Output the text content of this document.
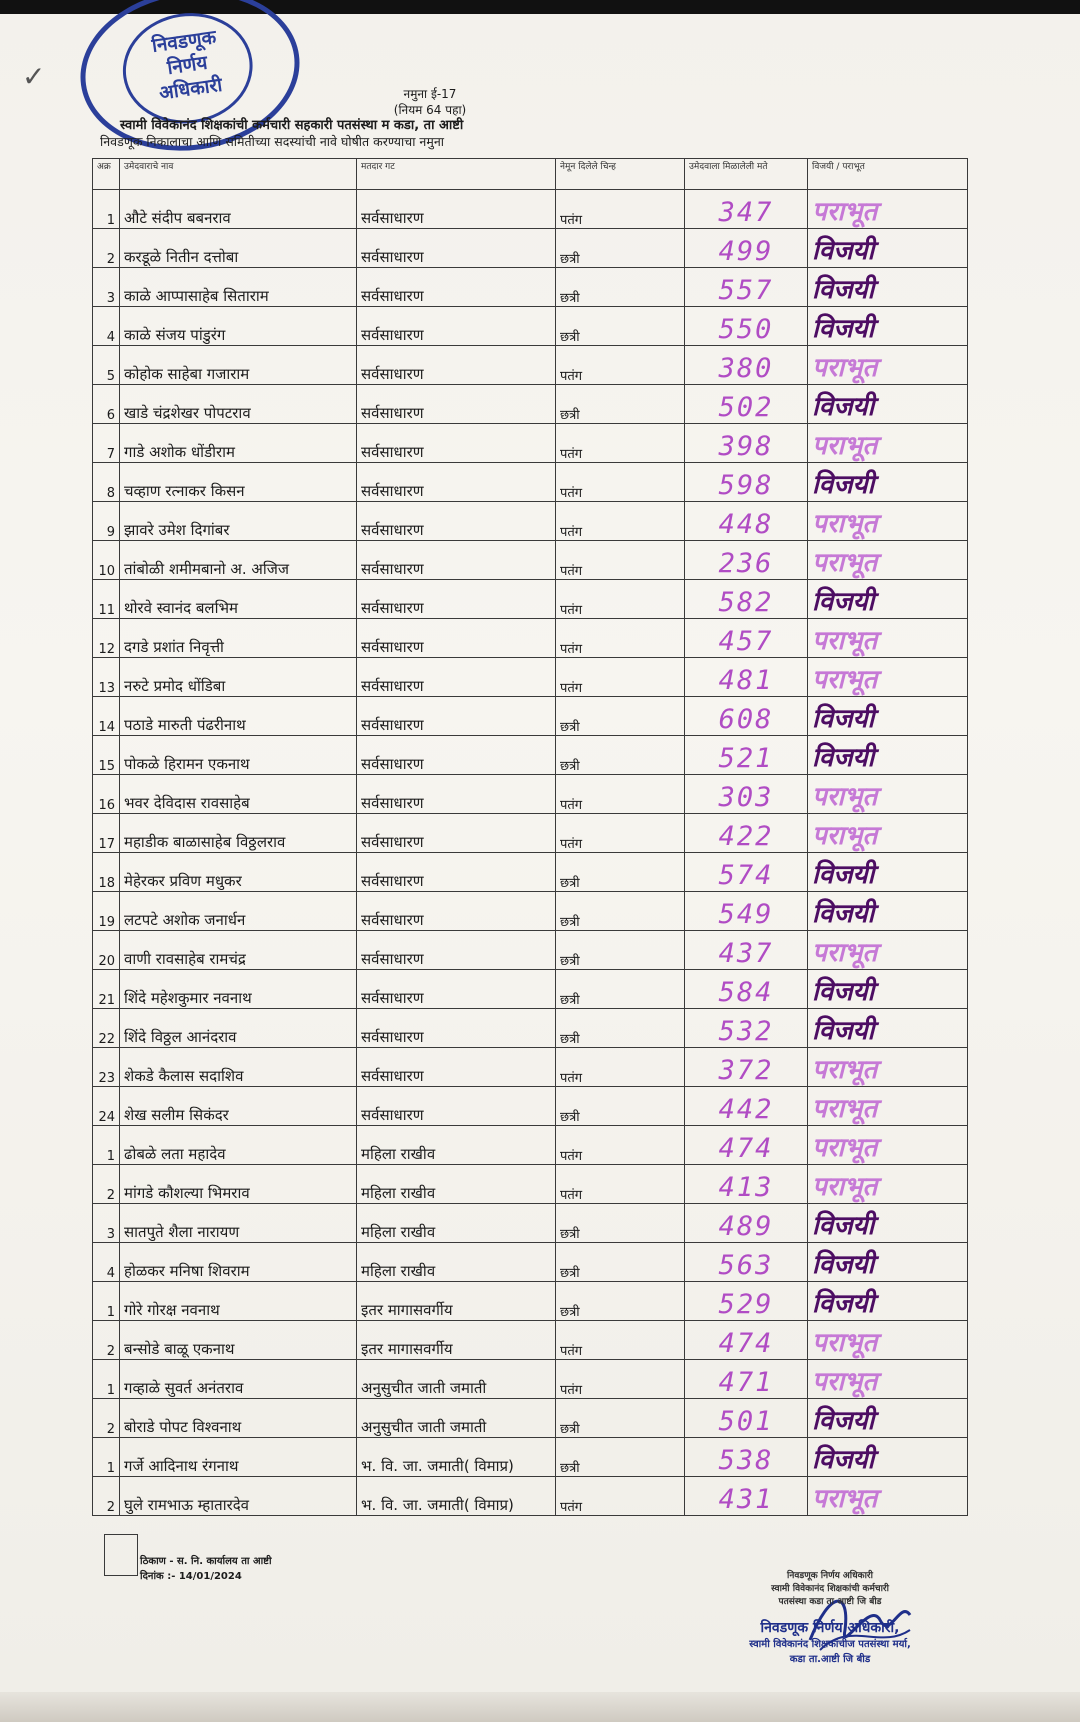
✓
निवडणूक
निर्णय
अधिकारी	नमुना ई-17
(नियम 64 पहा)
स्वामी विवेकानंद शिक्षकांची कर्मचारी सहकारी पतसंस्था म कडा, ता आष्टी
निवडणूक निकालाचा आणि समितीच्या सदस्यांची नावे घोषीत करण्याचा नमुना
अक्र	उमेदवाराचे नाव	मतदार गट	नेमून दिलेले चिन्ह	उमेदवाला मिळालेली मते	विजयी / पराभूत
1	औटे संदीप बबनराव	सर्वसाधारण	पतंग	347	पराभूत
2	करडूळे नितीन दत्तोबा	सर्वसाधारण	छत्री	499	विजयी
3	काळे आप्पासाहेब सिताराम	सर्वसाधारण	छत्री	557	विजयी
4	काळे संजय पांडुरंग	सर्वसाधारण	छत्री	550	विजयी
5	कोहोक साहेबा गजाराम	सर्वसाधारण	पतंग	380	पराभूत
6	खाडे चंद्रशेखर पोपटराव	सर्वसाधारण	छत्री	502	विजयी
7	गाडे अशोक धोंडीराम	सर्वसाधारण	पतंग	398	पराभूत
8	चव्हाण रत्नाकर किसन	सर्वसाधारण	पतंग	598	विजयी
9	झावरे उमेश दिगांबर	सर्वसाधारण	पतंग	448	पराभूत
10	तांबोळी शमीमबानो अ. अजिज	सर्वसाधारण	पतंग	236	पराभूत
11	थोरवे स्वानंद बलभिम	सर्वसाधारण	पतंग	582	विजयी
12	दगडे प्रशांत निवृत्ती	सर्वसाधारण	पतंग	457	पराभूत
13	नरुटे प्रमोद धोंडिबा	सर्वसाधारण	पतंग	481	पराभूत
14	पठाडे मारुती पंढरीनाथ	सर्वसाधारण	छत्री	608	विजयी
15	पोकळे हिरामन एकनाथ	सर्वसाधारण	छत्री	521	विजयी
16	भवर देविदास रावसाहेब	सर्वसाधारण	पतंग	303	पराभूत
17	महाडीक बाळासाहेब विठ्ठलराव	सर्वसाधारण	पतंग	422	पराभूत
18	मेहेरकर प्रविण मधुकर	सर्वसाधारण	छत्री	574	विजयी
19	लटपटे अशोक जनार्धन	सर्वसाधारण	छत्री	549	विजयी
20	वाणी रावसाहेब रामचंद्र	सर्वसाधारण	छत्री	437	पराभूत
21	शिंदे महेशकुमार नवनाथ	सर्वसाधारण	छत्री	584	विजयी
22	शिंदे विठ्ठल आनंदराव	सर्वसाधारण	छत्री	532	विजयी
23	शेकडे कैलास सदाशिव	सर्वसाधारण	पतंग	372	पराभूत
24	शेख सलीम सिकंदर	सर्वसाधारण	छत्री	442	पराभूत
1	ढोबळे लता महादेव	महिला राखीव	पतंग	474	पराभूत
2	मांगडे कौशल्या भिमराव	महिला राखीव	पतंग	413	पराभूत
3	सातपुते शैला नारायण	महिला राखीव	छत्री	489	विजयी
4	होळकर मनिषा शिवराम	महिला राखीव	छत्री	563	विजयी
1	गोरे गोरक्ष नवनाथ	इतर मागासवर्गीय	छत्री	529	विजयी
2	बन्सोडे बाळू एकनाथ	इतर मागासवर्गीय	पतंग	474	पराभूत
1	गव्हाळे सुवर्त अनंतराव	अनुसुचीत जाती जमाती	पतंग	471	पराभूत
2	बोराडे पोपट विश्वनाथ	अनुसुचीत जाती जमाती	छत्री	501	विजयी
1	गर्जे आदिनाथ रंगनाथ	भ. वि. जा. जमाती( विमाप्र)	छत्री	538	विजयी
2	घुले रामभाऊ म्हातारदेव	भ. वि. जा. जमाती( विमाप्र)	पतंग	431	पराभूत
ठिकाण - स. नि. कार्यालय ता आष्टी
दिनांक :- 14/01/2024	निवडणूक निर्णय अधिकारी
स्वामी विवेकानंद शिक्षकांची कर्मचारी
पतसंस्था कडा ता आष्टी जि बीड
निवडणूक निर्णय अधिकारी,
स्वामी विवेकानंद शिक्षकांचीज पतसंस्था मर्या,
कडा ता.आष्टी जि बीड
